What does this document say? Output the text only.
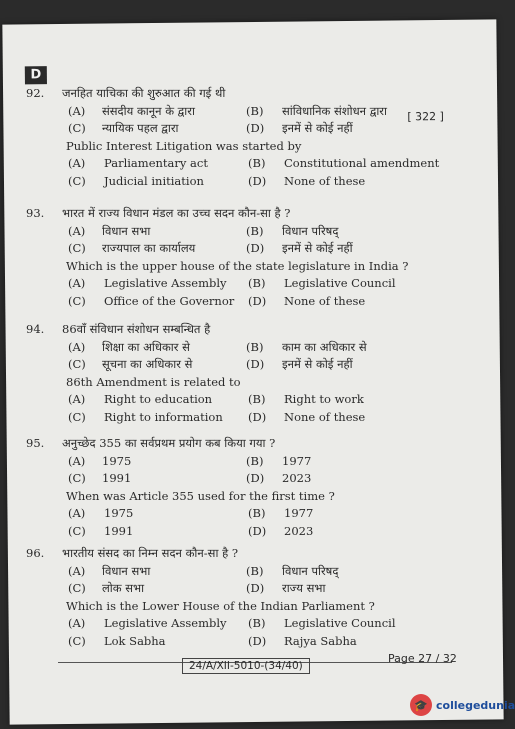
D
[ 322 ]
92. जनहित याचिका की शुरुआत की गई थी
(A) संसदीय कानून के द्वारा	(B) सांविधानिक संशोधन द्वारा
(C) न्यायिक पहल द्वारा	(D) इनमें से कोई नहीं
Public Interest Litigation was started by
(A) Parliamentary act	(B) Constitutional amendment
(C) Judicial initiation	(D) None of these
93. भारत में राज्य विधान मंडल का उच्च सदन कौन-सा है ?
(A) विधान सभा	(B) विधान परिषद्
(C) राज्यपाल का कार्यालय	(D) इनमें से कोई नहीं
Which is the upper house of the state legislature in India ?
(A) Legislative Assembly (B) Legislative Council
(C) Office of the Governor (D) None of these
94. 86वाँ संविधान संशोधन सम्बन्धित है
(A) शिक्षा का अधिकार से	(B) काम का अधिकार से
(C) सूचना का अधिकार से	(D) इनमें से कोई नहीं
86th Amendment is related to
(A) Right to education	(B) Right to work
(C) Right to information (D) None of these
95. अनुच्छेद 355 का सर्वप्रथम प्रयोग कब किया गया ?
(A) 1975	(B) 1977
(C) 1991	(D) 2023
When was Article 355 used for the first time ?
(A) 1975	(B) 1977
(C) 1991	(D) 2023
96. भारतीय संसद का निम्न सदन कौन-सा है ?
(A) विधान सभा	(B) विधान परिषद्
(C) लोक सभा	(D) राज्य सभा
Which is the Lower House of the Indian Parliament ?
(A) Legislative Assembly (B) Legislative Council
(C) Lok Sabha	(D) Rajya Sabha
24/A/XII-5010-(34/40)
Page 27 / 32
🎓 collegedunia
